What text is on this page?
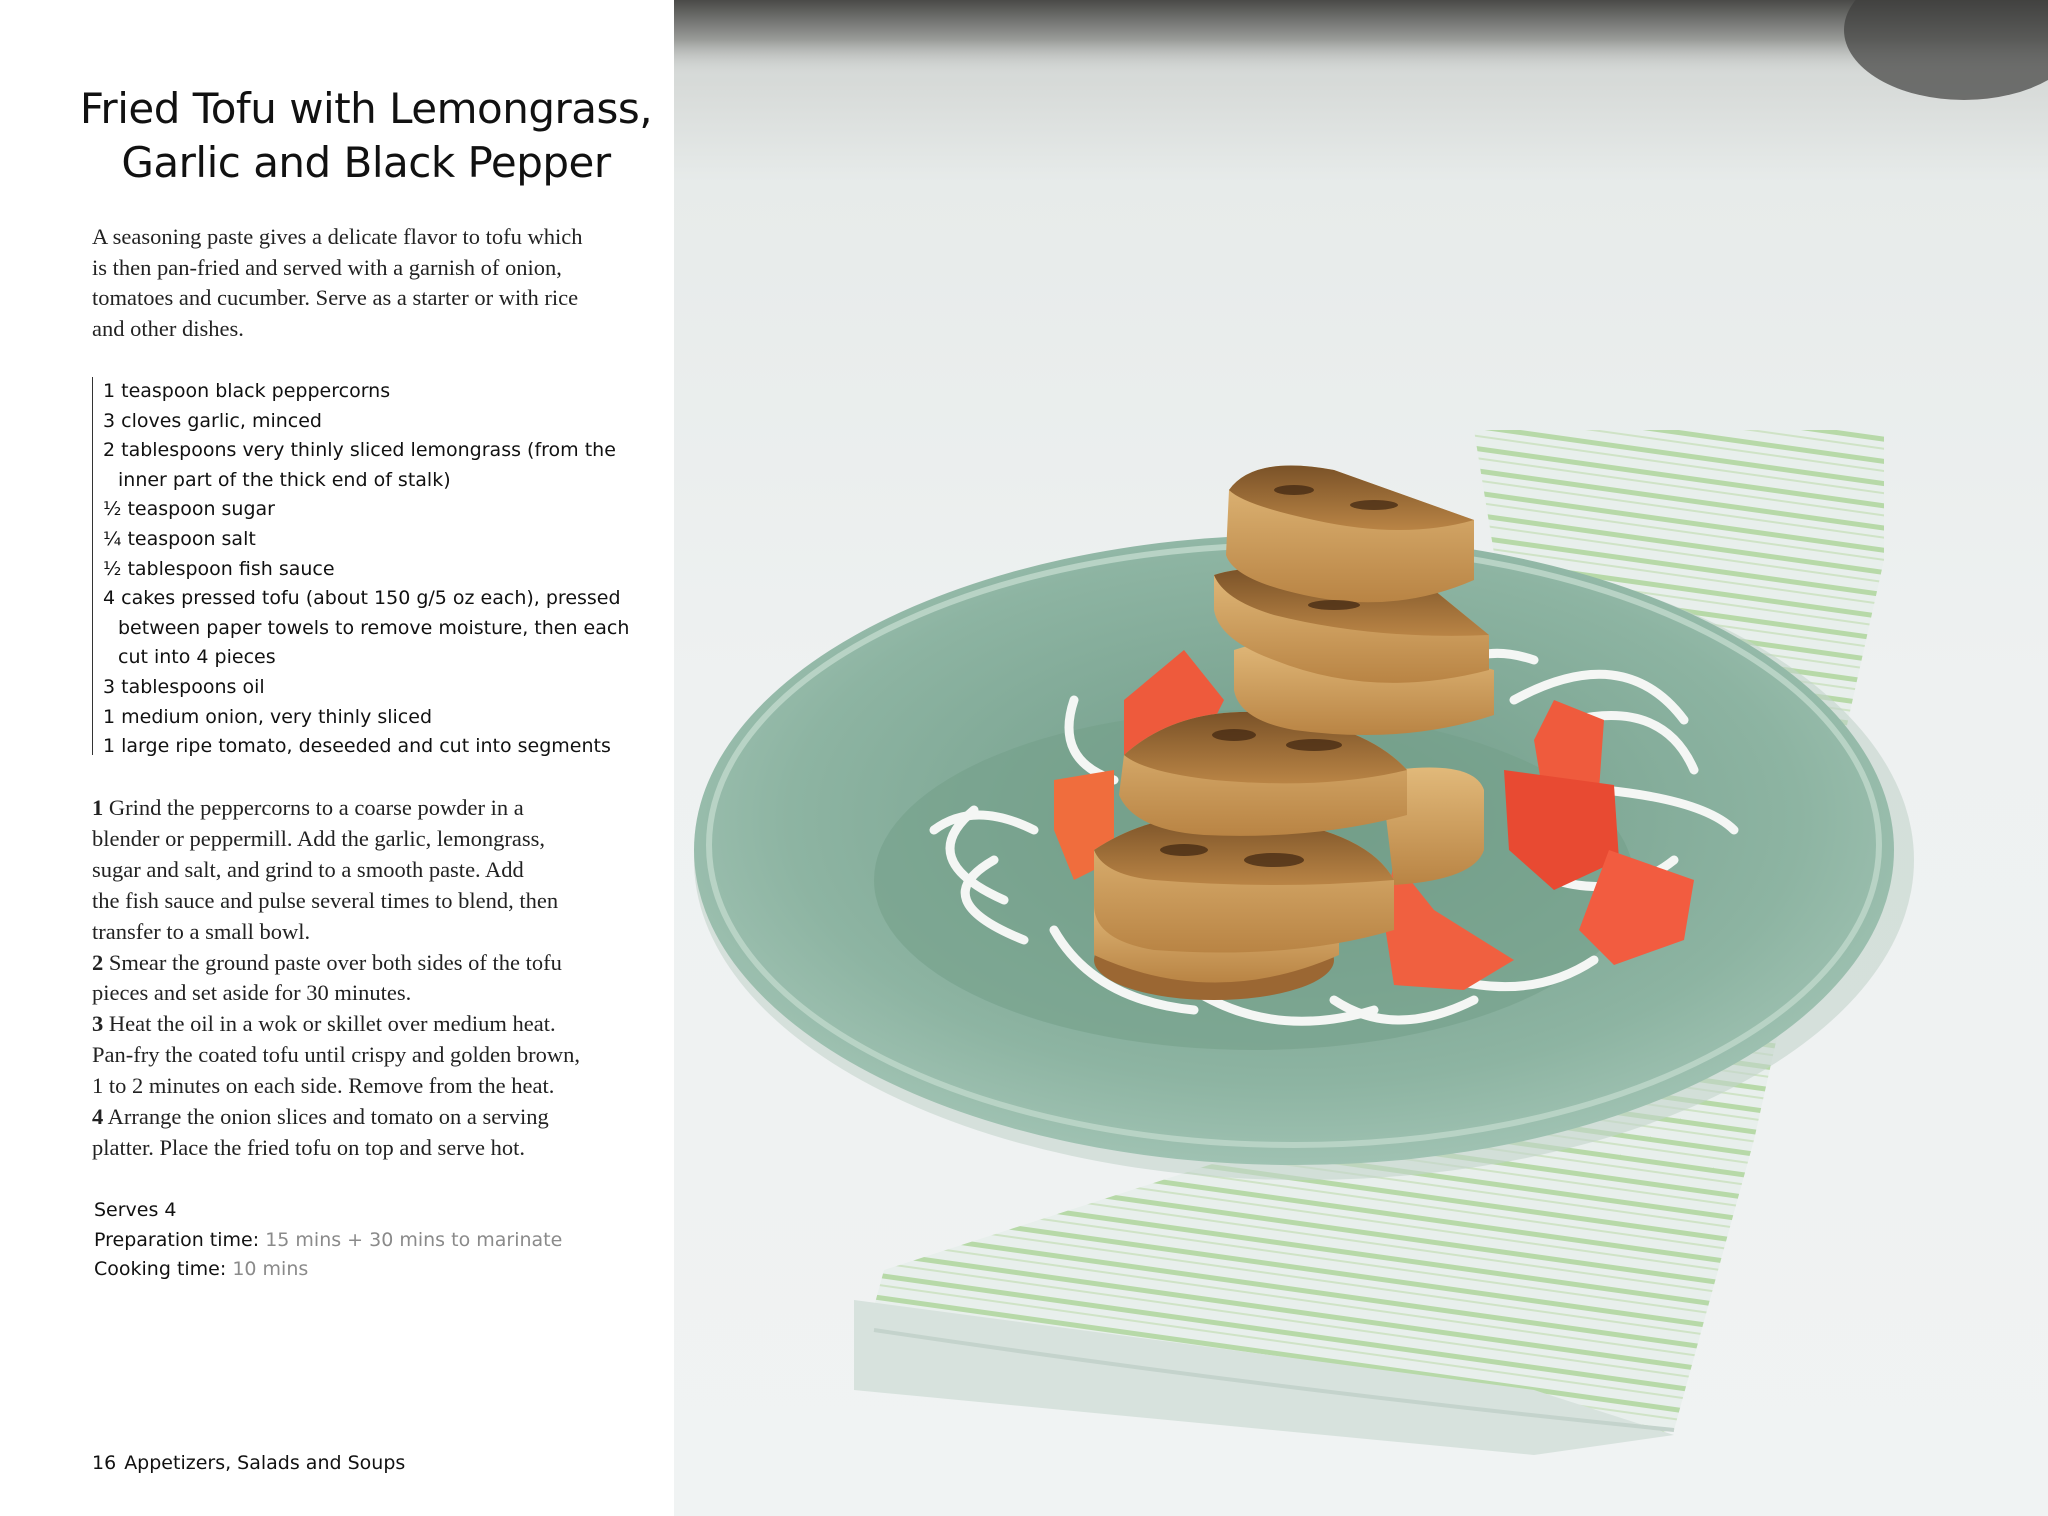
Fried Tofu with Lemongrass,
Garlic and Black Pepper

A seasoning paste gives a delicate flavor to tofu which
is then pan-fried and served with a garnish of onion,
tomatoes and cucumber. Serve as a starter or with rice
and other dishes.

1 teaspoon black peppercorns
3 cloves garlic, minced
2 tablespoons very thinly sliced lemongrass (from the
inner part of the thick end of stalk)
½ teaspoon sugar
¼ teaspoon salt
½ tablespoon fish sauce
4 cakes pressed tofu (about 150 g/5 oz each), pressed
between paper towels to remove moisture, then each
cut into 4 pieces
3 tablespoons oil
1 medium onion, very thinly sliced
1 large ripe tomato, deseeded and cut into segments
1 Grind the peppercorns to a coarse powder in a
blender or peppermill. Add the garlic, lemongrass,
sugar and salt, and grind to a smooth paste. Add
the fish sauce and pulse several times to blend, then
transfer to a small bowl.
2 Smear the ground paste over both sides of the tofu
pieces and set aside for 30 minutes.
3 Heat the oil in a wok or skillet over medium heat.
Pan-fry the coated tofu until crispy and golden brown,
1 to 2 minutes on each side. Remove from the heat.
4 Arrange the onion slices and tomato on a serving
platter. Place the fried tofu on top and serve hot.
Serves 4
Preparation time: 15 mins + 30 mins to marinate
Cooking time: 10 mins
16 Appetizers, Salads and Soups
